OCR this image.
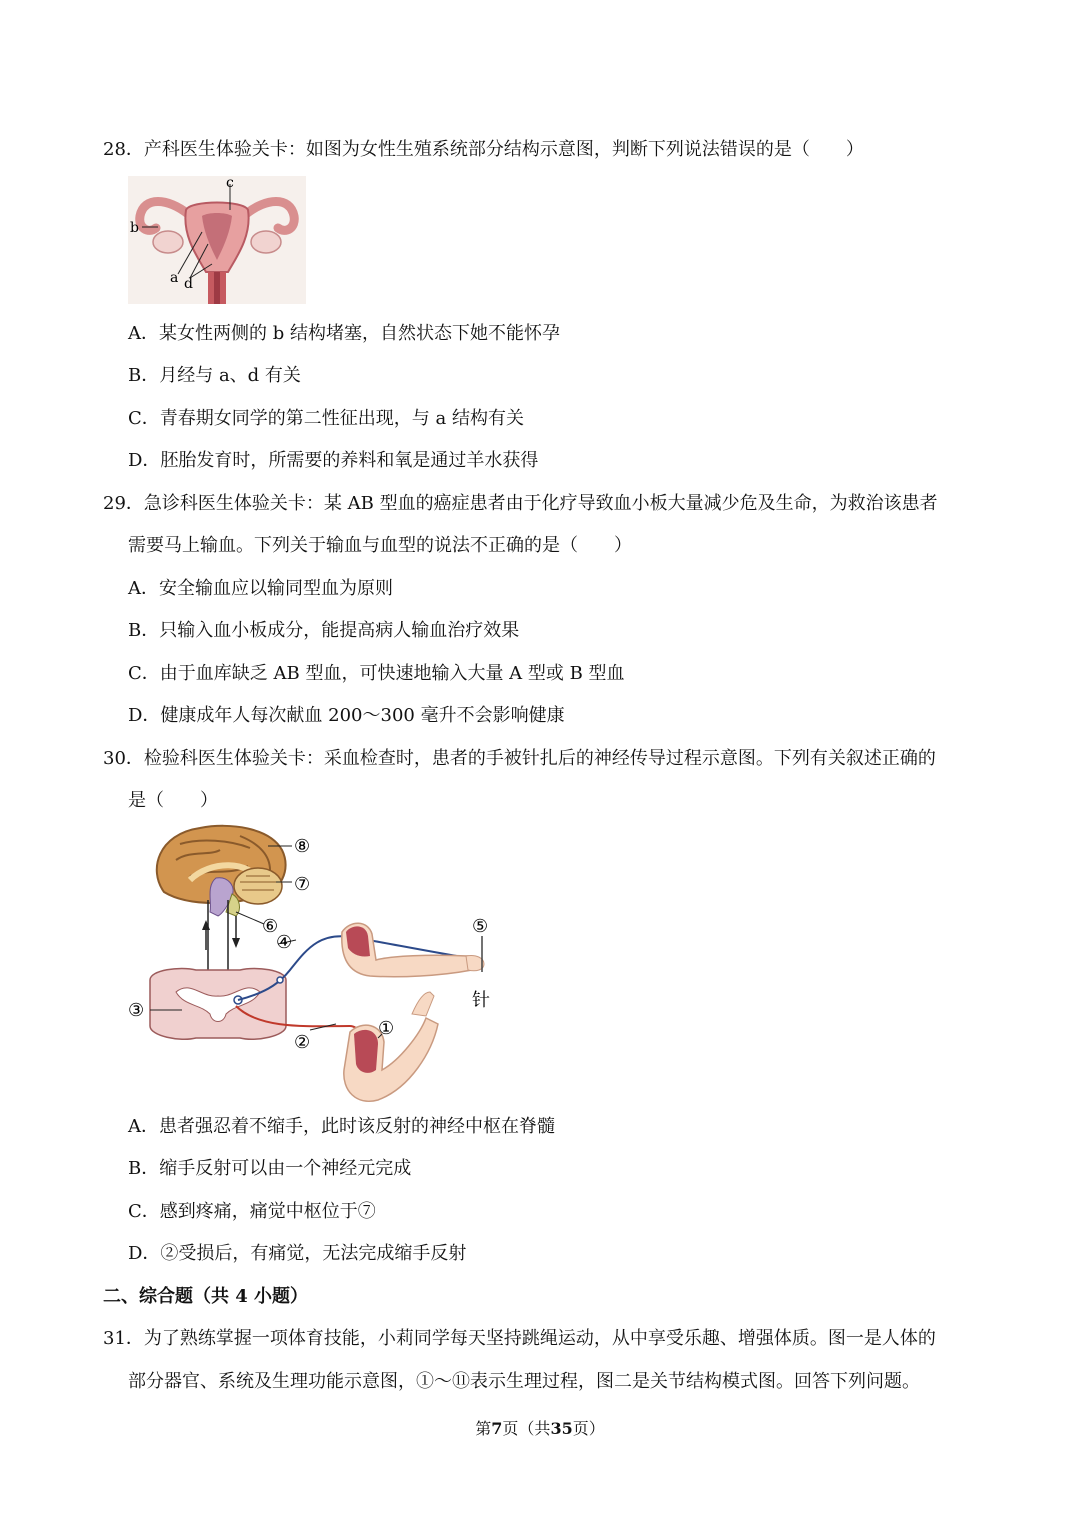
28．产科医生体验关卡：如图为女性生殖系统部分结构示意图，判断下列说法错误的是（　　）
c
b
a d
A．某女性两侧的 b 结构堵塞，自然状态下她不能怀孕
B．月经与 a、d 有关
C．青春期女同学的第二性征出现，与 a 结构有关
D．胚胎发育时，所需要的养料和氧是通过羊水获得
29．急诊科医生体验关卡：某 AB 型血的癌症患者由于化疗导致血小板大量减少危及生命，为救治该患者
需要马上输血。下列关于输血与血型的说法不正确的是（　　）
A．安全输血应以输同型血为原则
B．只输入血小板成分，能提高病人输血治疗效果
C．由于血库缺乏 AB 型血，可快速地输入大量 A 型或 B 型血
D．健康成年人每次献血 200～300 毫升不会影响健康
30．检验科医生体验关卡：采血检查时，患者的手被针扎后的神经传导过程示意图。下列有关叙述正确的
是（　　）
⑧
⑦
⑥
④
⑤
针
③
②
①
A．患者强忍着不缩手，此时该反射的神经中枢在脊髓
B．缩手反射可以由一个神经元完成
C．感到疼痛，痛觉中枢位于⑦
D．②受损后，有痛觉，无法完成缩手反射
二、综合题（共 4 小题）
31．为了熟练掌握一项体育技能，小莉同学每天坚持跳绳运动，从中享受乐趣、增强体质。图一是人体的
部分器官、系统及生理功能示意图，①～⑪表示生理过程，图二是关节结构模式图。回答下列问题。
第7页（共35页）
